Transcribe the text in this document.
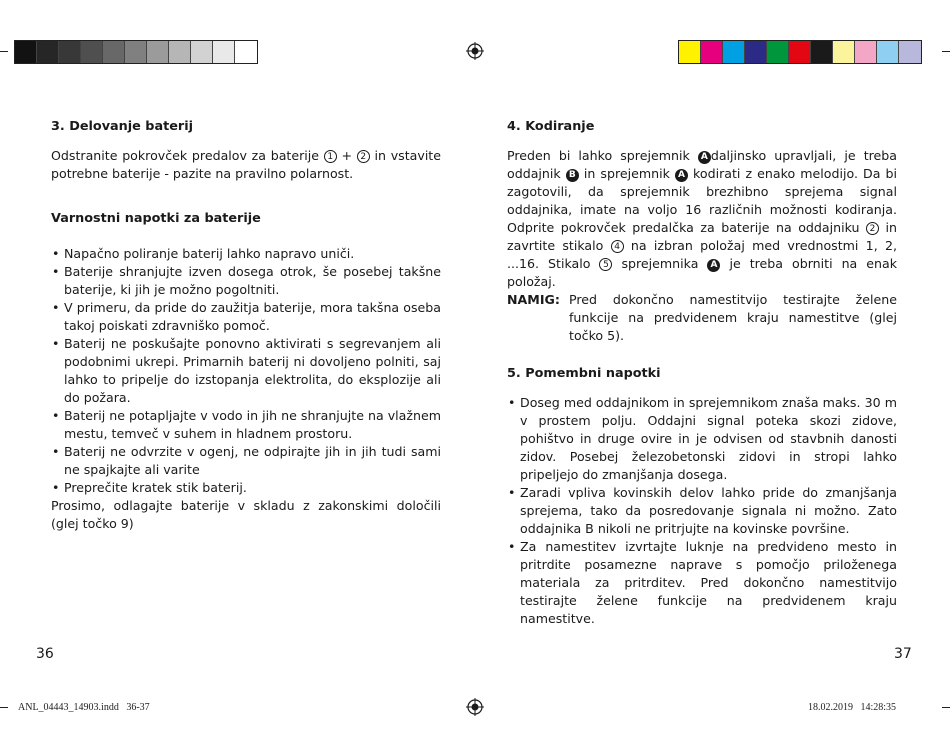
3. Delovanje baterij

Odstranite pokrovček predalov za baterije 1 + 2 in vstavite potrebne baterije - pazite na pravilno polarnost.

Varnostni napotki za baterije
• Napačno poliranje baterij lahko napravo uniči.
• Baterije shranjujte izven dosega otrok, še posebej takšne baterije, ki jih je možno pogoltniti.
• V primeru, da pride do zaužitja baterije, mora takšna oseba takoj poiskati zdravniško pomoč.
• Baterij ne poskušajte ponovno aktivirati s segrevanjem ali podobnimi ukrepi. Primarnih baterij ni dovoljeno polniti, saj lahko to pripelje do izstopanja elektrolita, do eksplozije ali do požara.
• Baterij ne potapljajte v vodo in jih ne shranjujte na vlažnem mestu, temveč v suhem in hladnem prostoru.
• Baterij ne odvrzite v ogenj, ne odpirajte jih in jih tudi sami ne spajkajte ali varite
• Preprečite kratek stik baterij.

Prosimo, odlagajte baterije v skladu z zakonskimi določili

(glej točko 9)

4. Kodiranje

Preden bi lahko sprejemnik A daljinsko upravljali, je treba oddajnik B in sprejemnik A kodirati z enako melodijo. Da bi zagotovili, da sprejemnik brezhibno sprejema signal oddajnika, imate na voljo 16 različnih možnosti kodiranja. Odprite pokrovček predalčka za baterije na oddajniku 2 in zavrtite stikalo 4 na izbran položaj med vrednostmi 1, 2, ...16. Stikalo 5 sprejemnika A je treba obrniti na enak položaj.

NAMIG: Pred dokončno namestitvijo testirajte želene funkcije na predvidenem kraju namestitve (glej točko 5).
5. Pomembni napotki
• Doseg med oddajnikom in sprejemnikom znaša maks. 30 m v prostem polju. Oddajni signal poteka skozi zidove, pohištvo in druge ovire in je odvisen od stavbnih danosti zidov. Posebej železobetonski zidovi in stropi lahko pripeljejo do zmanjšanja dosega.
• Zaradi vpliva kovinskih delov lahko pride do zmanjšanja sprejema, tako da posredovanje signala ni možno. Zato oddajnika B nikoli ne pritrjujte na kovinske površine.
• Za namestitev izvrtajte luknje na predvideno mesto in pritrdite posamezne naprave s pomočjo priloženega materiala za pritrditev. Pred dokončno namestitvijo testirajte želene funkcije na predvidenem kraju namestitve.
36	37
ANL_04443_14903.indd   36-37	18.02.2019   14:28:35
